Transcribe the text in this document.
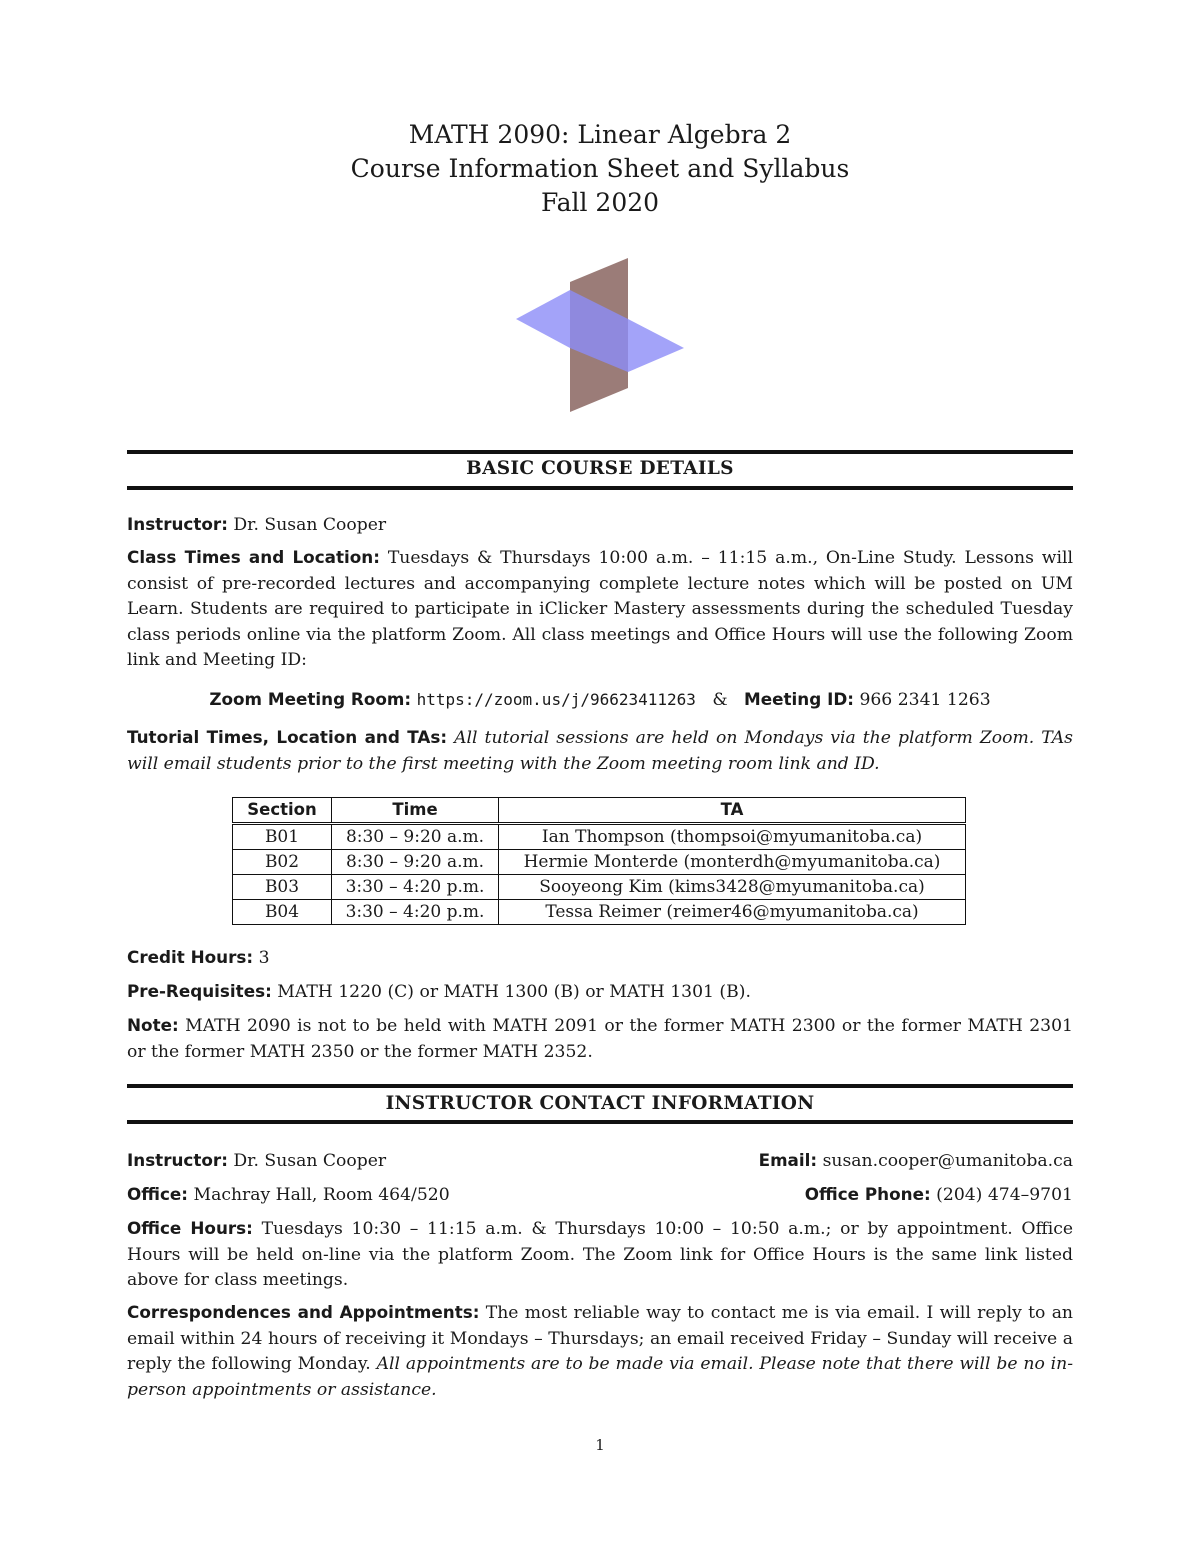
MATH 2090: Linear Algebra 2
Course Information Sheet and Syllabus
Fall 2020
BASIC COURSE DETAILS
Instructor: Dr. Susan Cooper
Class Times and Location: Tuesdays & Thursdays 10:00 a.m. – 11:15 a.m., On-Line Study. Lessons will consist of pre-recorded lectures and accompanying complete lecture notes which will be posted on UM Learn. Students are required to participate in iClicker Mastery assessments during the scheduled Tuesday class periods online via the platform Zoom. All class meetings and Office Hours will use the following Zoom link and Meeting ID:
Zoom Meeting Room: https://zoom.us/j/96623411263 & Meeting ID: 966 2341 1263
Tutorial Times, Location and TAs: All tutorial sessions are held on Mondays via the platform Zoom. TAs will email students prior to the first meeting with the Zoom meeting room link and ID.
Section	Time	TA
B01	8:30 – 9:20 a.m.	Ian Thompson (thompsoi@myumanitoba.ca)
B02	8:30 – 9:20 a.m.	Hermie Monterde (monterdh@myumanitoba.ca)
B03	3:30 – 4:20 p.m.	Sooyeong Kim (kims3428@myumanitoba.ca)
B04	3:30 – 4:20 p.m.	Tessa Reimer (reimer46@myumanitoba.ca)
Credit Hours: 3
Pre-Requisites: MATH 1220 (C) or MATH 1300 (B) or MATH 1301 (B).
Note: MATH 2090 is not to be held with MATH 2091 or the former MATH 2300 or the former MATH 2301 or the former MATH 2350 or the former MATH 2352.
INSTRUCTOR CONTACT INFORMATION
Instructor: Dr. Susan Cooper	Email: susan.cooper@umanitoba.ca
Office: Machray Hall, Room 464/520	Office Phone: (204) 474–9701
Office Hours: Tuesdays 10:30 – 11:15 a.m. & Thursdays 10:00 – 10:50 a.m.; or by appointment. Office Hours will be held on-line via the platform Zoom. The Zoom link for Office Hours is the same link listed above for class meetings.
Correspondences and Appointments: The most reliable way to contact me is via email. I will reply to an email within 24 hours of receiving it Mondays – Thursdays; an email received Friday – Sunday will receive a reply the following Monday. All appointments are to be made via email. Please note that there will be no in-person appointments or assistance.
1
